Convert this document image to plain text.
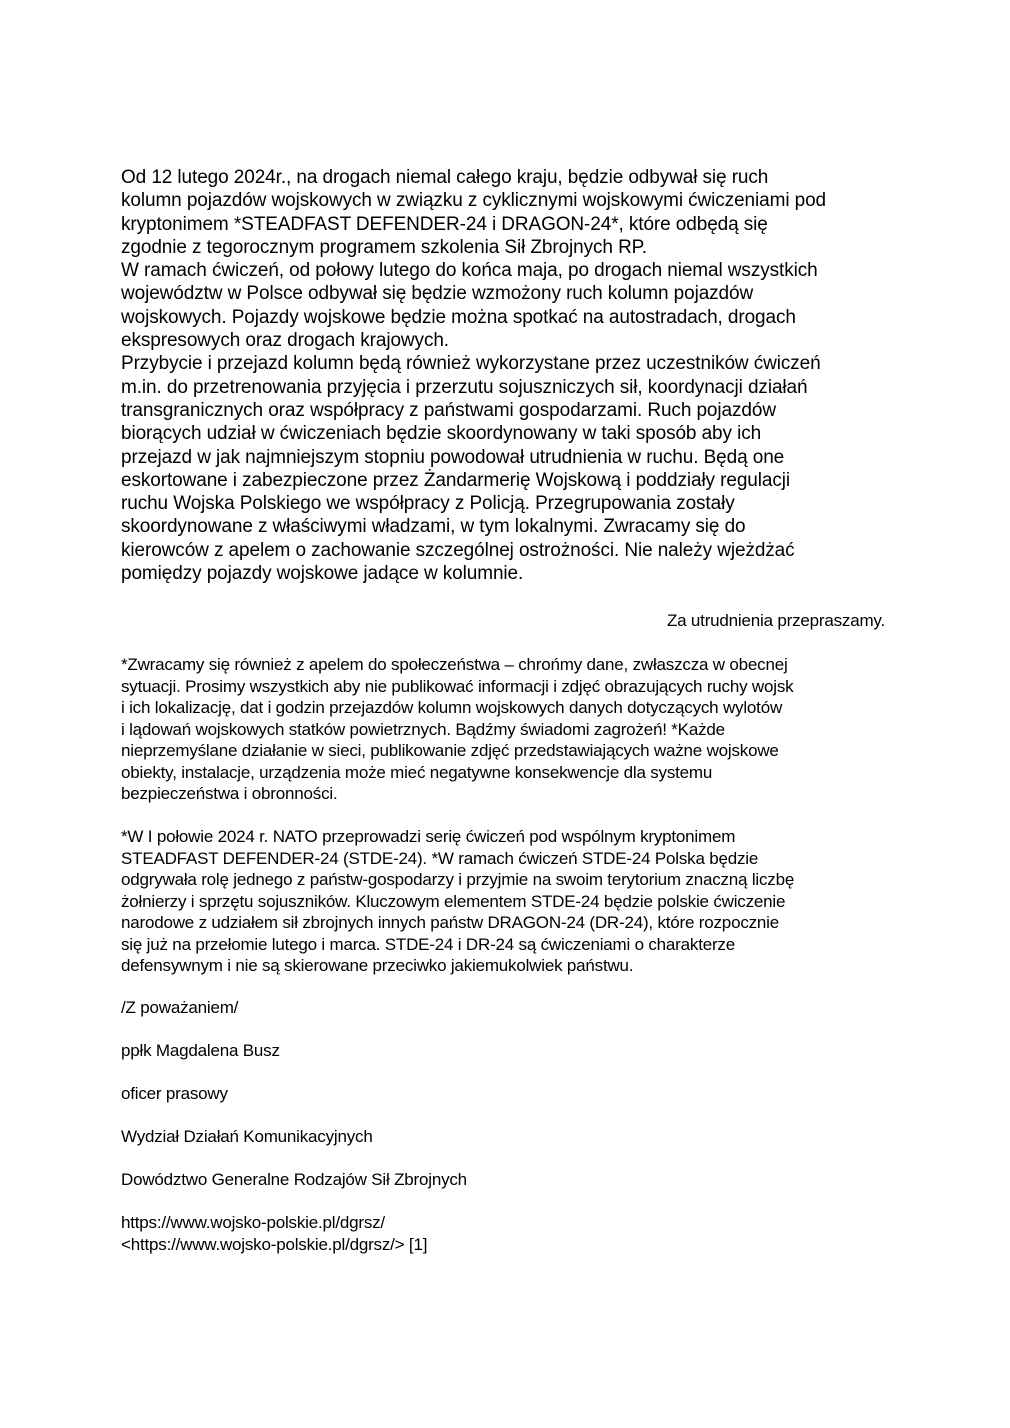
Od 12 lutego 2024r., na drogach niemal całego kraju, będzie odbywał się ruch
kolumn pojazdów wojskowych w związku z cyklicznymi wojskowymi ćwiczeniami pod
kryptonimem *STEADFAST DEFENDER-24 i DRAGON-24*, które odbędą się
zgodnie z tegorocznym programem szkolenia Sił Zbrojnych RP.
W ramach ćwiczeń, od połowy lutego do końca maja, po drogach niemal wszystkich
województw w Polsce odbywał się będzie wzmożony ruch kolumn pojazdów
wojskowych. Pojazdy wojskowe będzie można spotkać na autostradach, drogach
ekspresowych oraz drogach krajowych.
Przybycie i przejazd kolumn będą również wykorzystane przez uczestników ćwiczeń
m.in. do przetrenowania przyjęcia i przerzutu sojuszniczych sił, koordynacji działań
transgranicznych oraz współpracy z państwami gospodarzami. Ruch pojazdów
biorących udział w ćwiczeniach będzie skoordynowany w taki sposób aby ich
przejazd w jak najmniejszym stopniu powodował utrudnienia w ruchu. Będą one
eskortowane i zabezpieczone przez Żandarmerię Wojskową i poddziały regulacji
ruchu Wojska Polskiego we współpracy z Policją. Przegrupowania zostały
skoordynowane z właściwymi władzami, w tym lokalnymi. Zwracamy się do
kierowców z apelem o zachowanie szczególnej ostrożności. Nie należy wjeżdżać
pomiędzy pojazdy wojskowe jadące w kolumnie.

Za utrudnienia przepraszamy.

*Zwracamy się również z apelem do społeczeństwa – chrońmy dane, zwłaszcza w obecnej
sytuacji. Prosimy wszystkich aby nie publikować informacji i zdjęć obrazujących ruchy wojsk
i ich lokalizację, dat i godzin przejazdów kolumn wojskowych danych dotyczących wylotów
i lądowań wojskowych statków powietrznych. Bądźmy świadomi zagrożeń! *Każde
nieprzemyślane działanie w sieci, publikowanie zdjęć przedstawiających ważne wojskowe
obiekty, instalacje, urządzenia może mieć negatywne konsekwencje dla systemu
bezpieczeństwa i obronności.
*W I połowie 2024 r. NATO przeprowadzi serię ćwiczeń pod wspólnym kryptonimem
STEADFAST DEFENDER-24 (STDE-24). *W ramach ćwiczeń STDE-24 Polska będzie
odgrywała rolę jednego z państw-gospodarzy i przyjmie na swoim terytorium znaczną liczbę
żołnierzy i sprzętu sojuszników. Kluczowym elementem STDE-24 będzie polskie ćwiczenie
narodowe z udziałem sił zbrojnych innych państw DRAGON-24 (DR-24), które rozpocznie
się już na przełomie lutego i marca. STDE-24 i DR-24 są ćwiczeniami o charakterze
defensywnym i nie są skierowane przeciwko jakiemukolwiek państwu.

/Z poważaniem/

ppłk Magdalena Busz

oficer prasowy

Wydział Działań Komunikacyjnych

Dowództwo Generalne Rodzajów Sił Zbrojnych

https://www.wojsko-polskie.pl/dgrsz/

<https://www.wojsko-polskie.pl/dgrsz/> [1]
